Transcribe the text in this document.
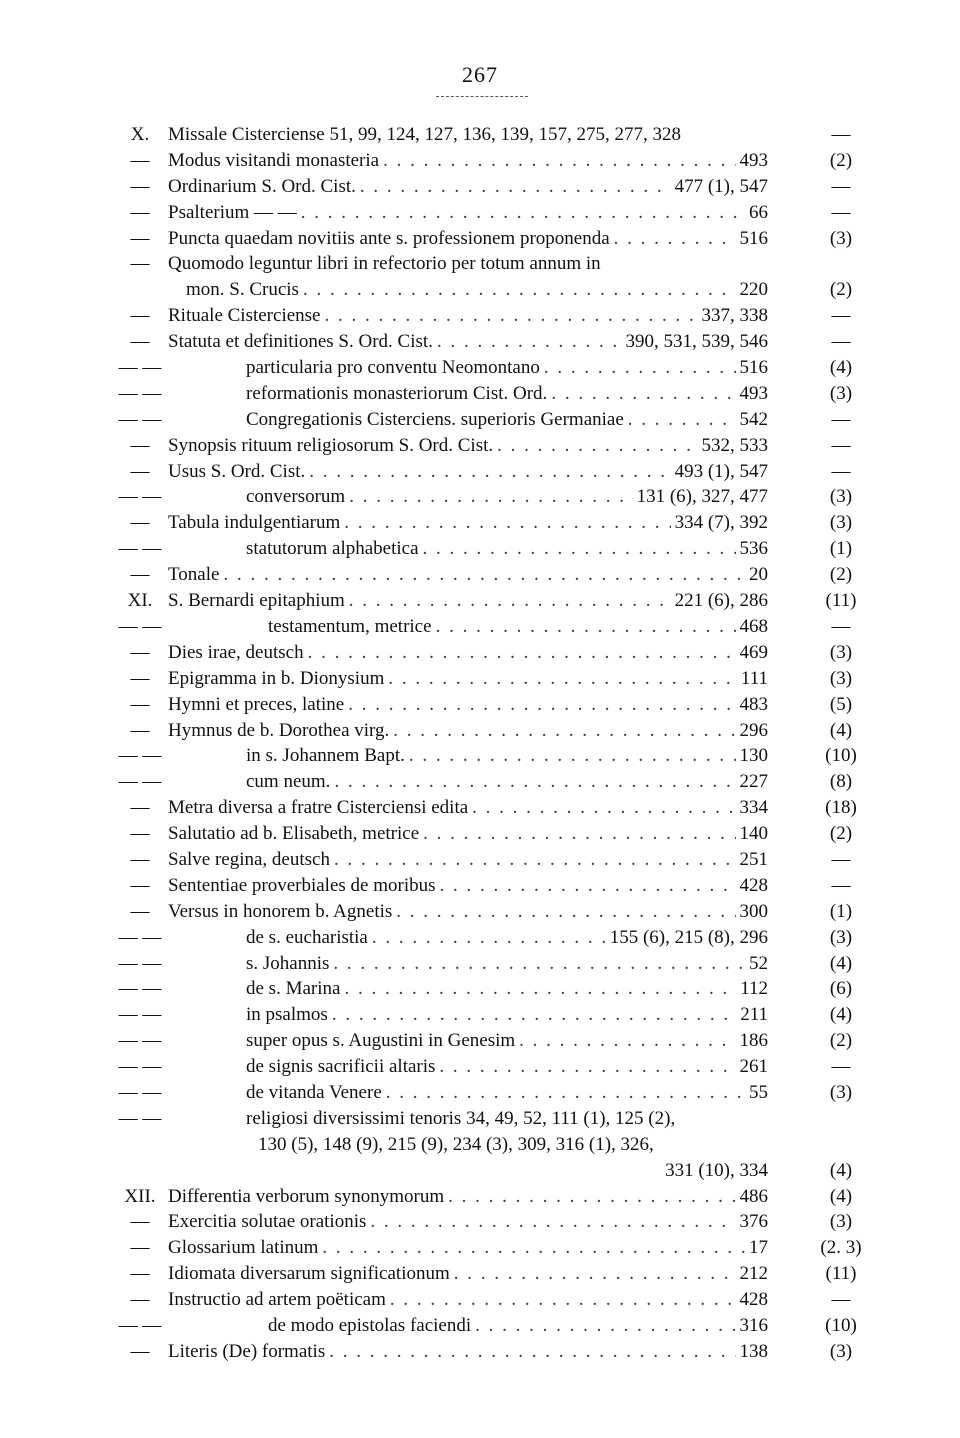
267
X. Missale Cisterciense 51, 99, 124, 127, 136, 139, 157, 275, 277, 328	—
— Modus visitandi monasteria . . .	493	(2)
— Ordinarium S. Ord. Cist. . . .	477 (1), 547	—
— Psalterium — — . . .	66	—
— Puncta quaedam novitiis ante s. professionem proponenda . . .	516	(3)
— Quomodo leguntur libri in refectorio per totum annum in
mon. S. Crucis . . .	220	(2)
— Rituale Cisterciense . . .	337, 338	—
— Statuta et definitiones S. Ord. Cist. . . .	390, 531, 539, 546	—
— —	particularia pro conventu Neomontano . . .	516	(4)
— —	reformationis monasteriorum Cist. Ord. . . .	493	(3)
— —	Congregationis Cisterciens. superioris Germaniae . . .	542	—
— Synopsis rituum religiosorum S. Ord. Cist. . . .	532, 533	—
— Usus S. Ord. Cist. . . .	493 (1), 547	—
— —	conversorum . . .	131 (6), 327, 477	(3)
— Tabula indulgentiarum . . .	334 (7), 392	(3)
— —	statutorum alphabetica . . .	536	(1)
— Tonale . . .	20	(2)
XI. S. Bernardi epitaphium . . .	221 (6), 286	(11)
— —	testamentum, metrice . . .	468	—
— Dies irae, deutsch . . .	469	(3)
— Epigramma in b. Dionysium . . .	111	(3)
— Hymni et preces, latine . . .	483	(5)
— Hymnus de b. Dorothea virg. . . .	296	(4)
— —	in s. Johannem Bapt. . . .	130	(10)
— —	cum neum. . . .	227	(8)
— Metra diversa a fratre Cisterciensi edita . . .	334	(18)
— Salutatio ad b. Elisabeth, metrice . . .	140	(2)
— Salve regina, deutsch . . .	251	—
— Sententiae proverbiales de moribus . . .	428	—
— Versus in honorem b. Agnetis . . .	300	(1)
— —	de s. eucharistia . . .	155 (6), 215 (8), 296	(3)
— —	s. Johannis . . .	52	(4)
— —	de s. Marina . . .	112	(6)
— —	in psalmos . . .	211	(4)
— —	super opus s. Augustini in Genesim . . .	186	(2)
— —	de signis sacrificii altaris . . .	261	—
— —	de vitanda Venere . . .	55	(3)
— —	religiosi diversissimi tenoris 34, 49, 52, 111 (1), 125 (2),
130 (5), 148 (9), 215 (9), 234 (3), 309, 316 (1), 326,
331 (10), 334	(4)
XII. Differentia verborum synonymorum . . .	486	(4)
— Exercitia solutae orationis . . .	376	(3)
— Glossarium latinum . . .	17	(2. 3)
— Idiomata diversarum significationum . . .	212	(11)
— Instructio ad artem poëticam . . .	428	—
— —	de modo epistolas faciendi . . .	316	(10)
— Literis (De) formatis . . .	138	(3)
